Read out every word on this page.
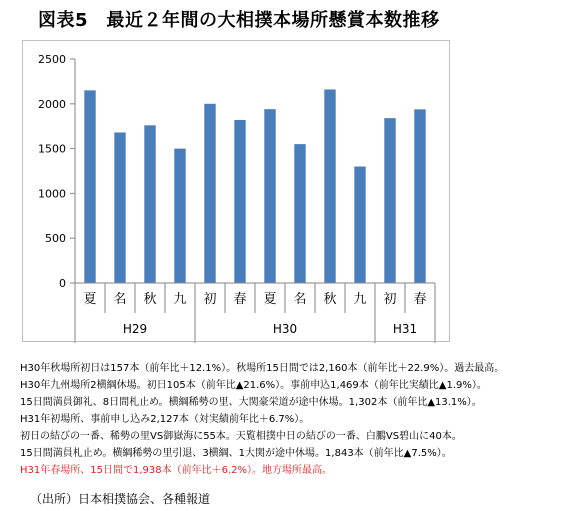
図表5　最近２年間の大相撲本場所懸賞本数推移
0
500
1000
1500
2000
2500
夏 名 秋 九 初 春 夏 名 秋 九 初 春
H29	H30	H31
H30年秋場所初日は157本（前年比＋12.1%）。秋場所15日間では2,160本（前年比＋22.9%）。過去最高。
H30年九州場所2横綱休場。初日105本（前年比▲21.6%）。事前申込1,469本（前年比実績比▲1.9%）。
15日間満員御礼、8日間札止め。横綱稀勢の里、大関豪栄道が途中休場。1,302本（前年比▲13.1%）。
H31年初場所、事前申し込み2,127本（対実績前年比＋6.7%）。
初日の結びの一番、稀勢の里VS御嶽海に55本。天覧相撲中日の結びの一番、白鵬VS碧山に40本。
15日間満員札止め。横綱稀勢の里引退、3横綱、1大関が途中休場。1,843本（前年比▲7.5%）。
H31年春場所、15日間で1,938本（前年比＋6.2%）。地方場所最高。
（出所）日本相撲協会、各種報道
